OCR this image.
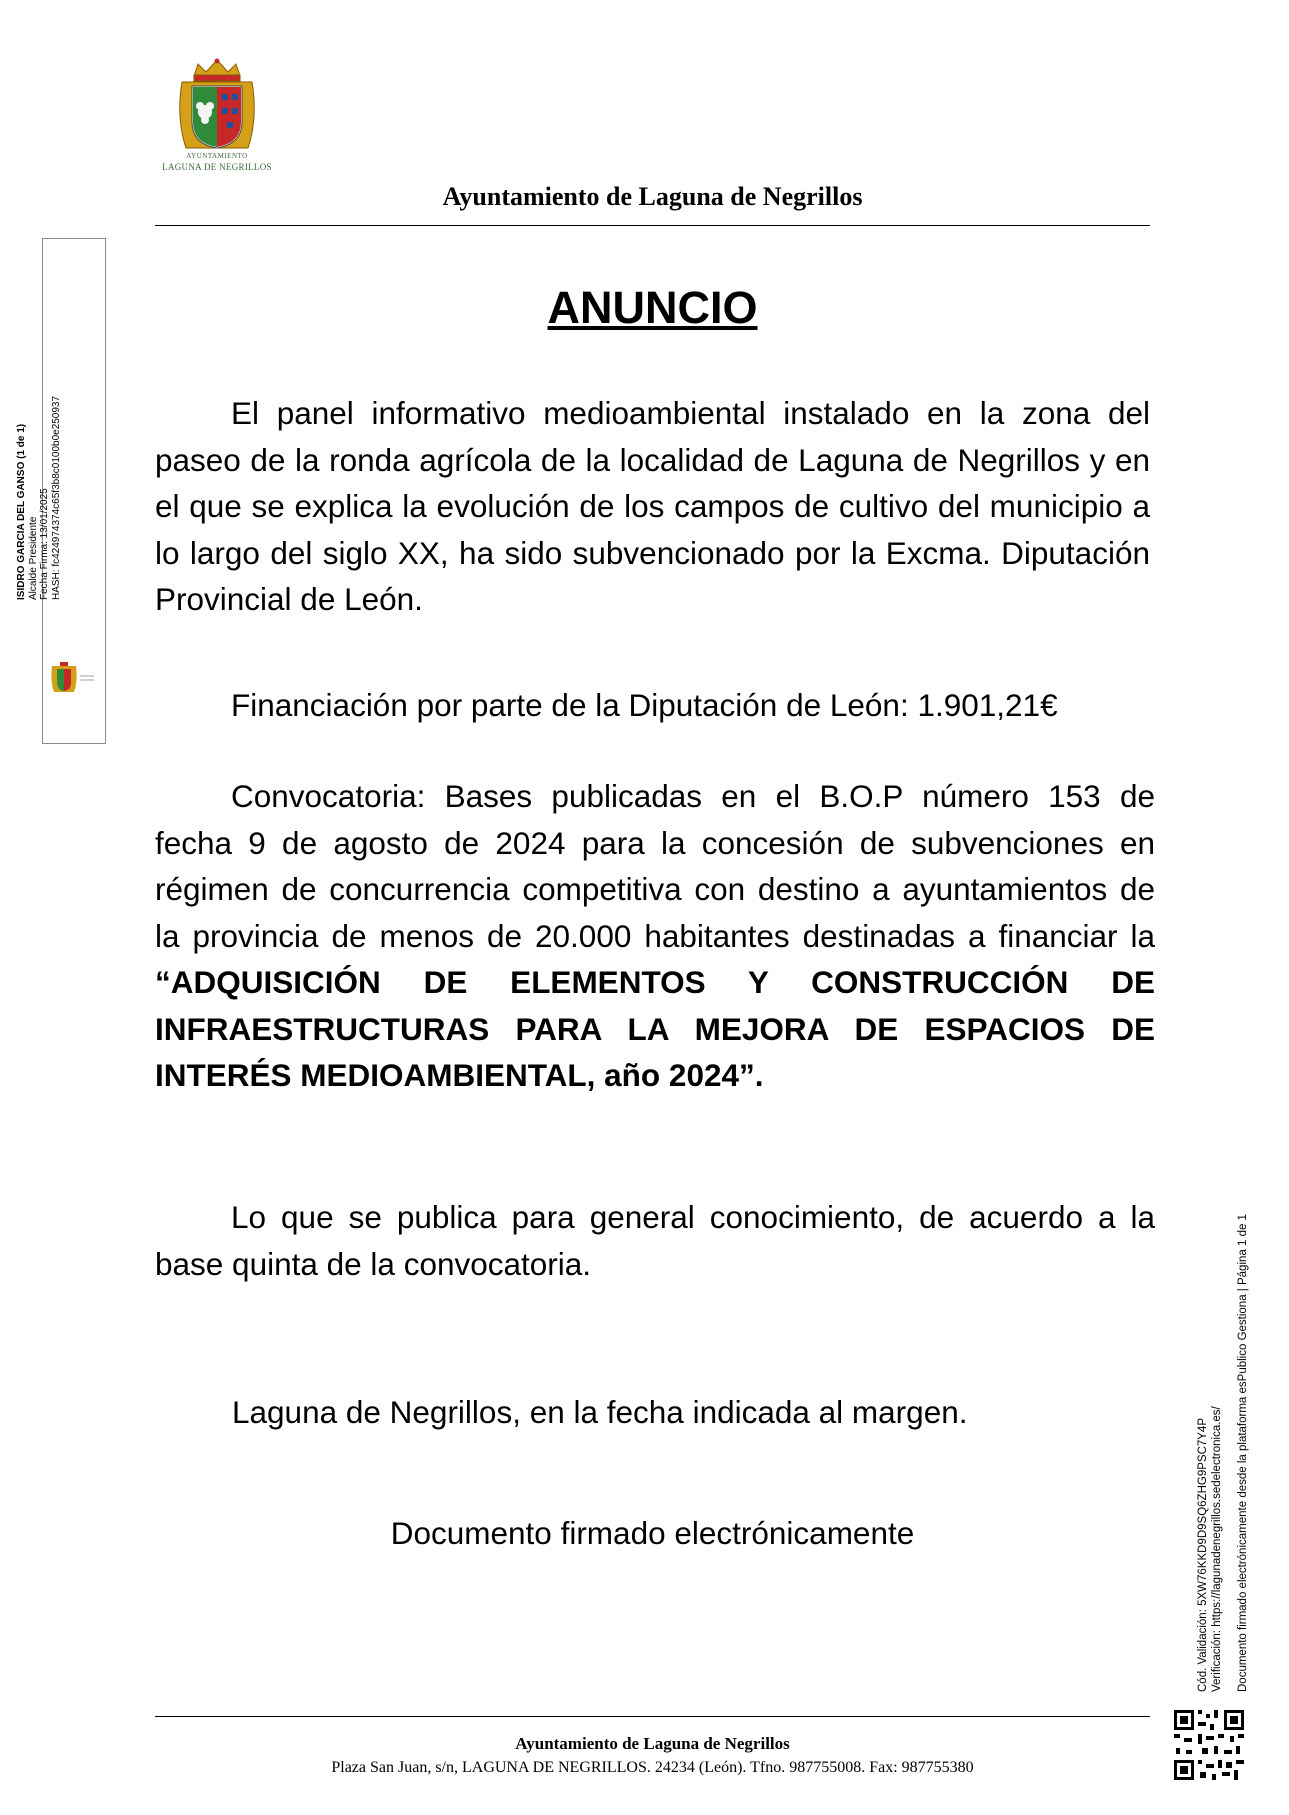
AYUNTAMIENTO
LAGUNA DE NEGRILLOS
Ayuntamiento de Laguna de Negrillos
ISIDRO GARCIA DEL GANSO (1 de 1) Alcalde Presidente Fecha Firma: 13/01/2025 HASH: fc424974374c65f3b8c0100b0e250937
ANUNCIO
El panel informativo medioambiental instalado en la zona del paseo de la ronda agrícola de la localidad de Laguna de Negrillos y en el que se explica la evolución de los campos de cultivo del municipio a lo largo del siglo XX, ha sido subvencionado por la Excma. Diputación Provincial de León.
Financiación por parte de la Diputación de León: 1.901,21€
Convocatoria: Bases publicadas en el B.O.P número 153 de fecha 9 de agosto de 2024 para la concesión de subvenciones en régimen de concurrencia competitiva con destino a ayuntamientos de la provincia de menos de 20.000 habitantes destinadas a financiar la “ADQUISICIÓN DE ELEMENTOS Y CONSTRUCCIÓN DE INFRAESTRUCTURAS PARA LA MEJORA DE ESPACIOS DE INTERÉS MEDIOAMBIENTAL, año 2024”.
Lo que se publica para general conocimiento, de acuerdo a la base quinta de la convocatoria.
Laguna de Negrillos, en la fecha indicada al margen.
Documento firmado electrónicamente	Cód. Validación: 5XW76KKD9D9SQ6ZHG9PSC7Y4P Verificación: https://lagunadenegrillos.sedelectronica.es/ Documento firmado electrónicamente desde la plataforma esPublico Gestiona | Página 1 de 1
Ayuntamiento de Laguna de Negrillos
Plaza San Juan, s/n, LAGUNA DE NEGRILLOS. 24234 (León). Tfno. 987755008. Fax: 987755380
